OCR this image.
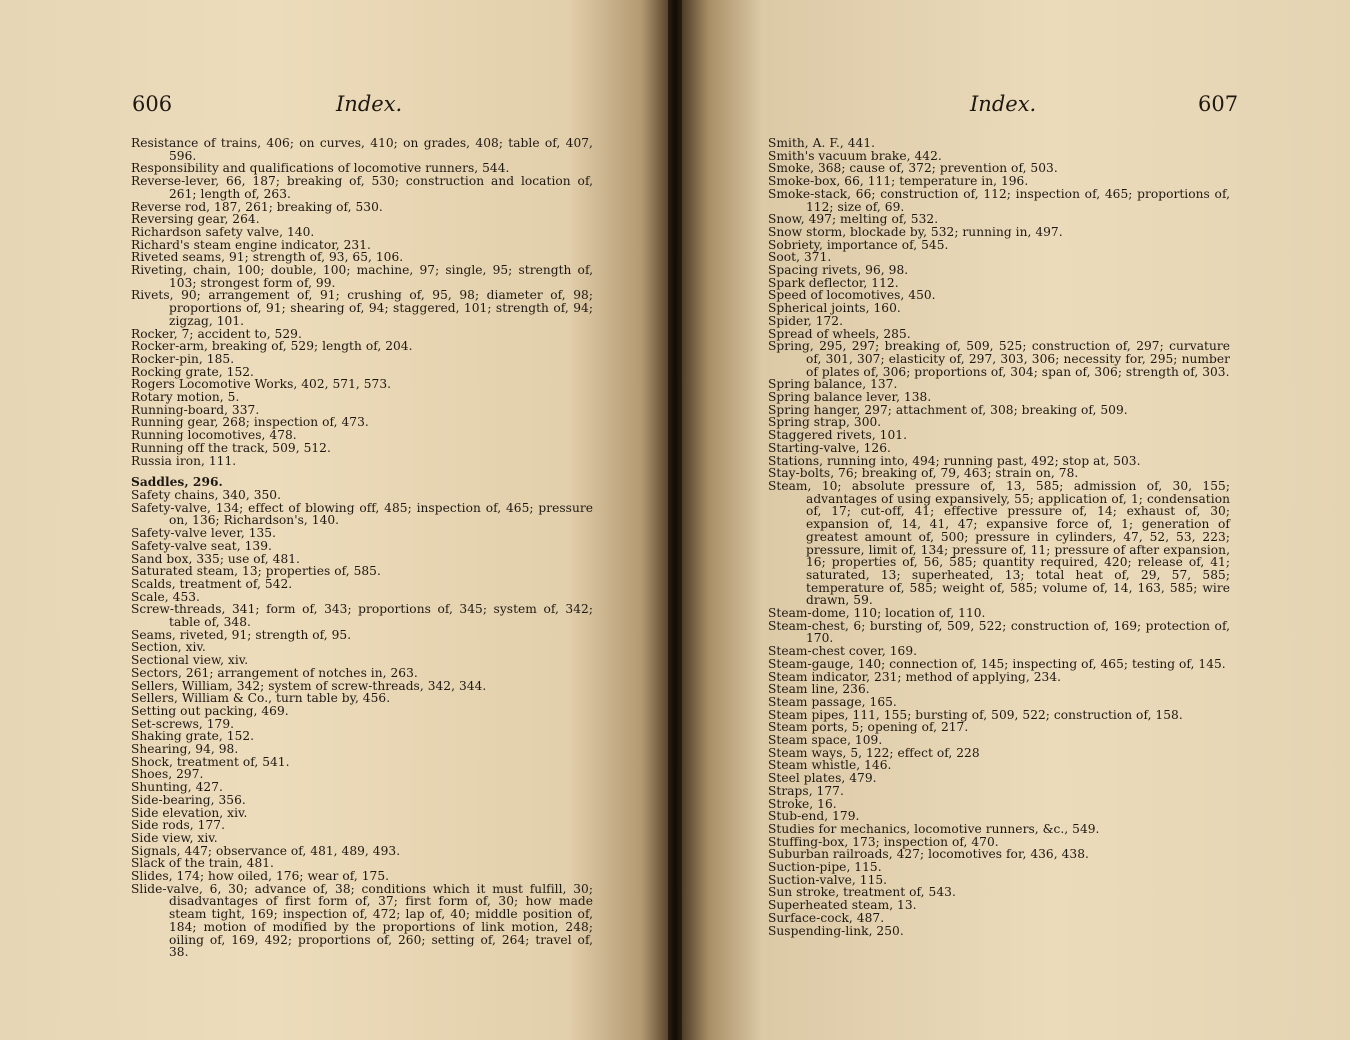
606	Index.

Resistance of trains, 406; on curves, 410; on grades, 408; table of, 407, 596.

Responsibility and qualifications of locomotive runners, 544.

Reverse-lever, 66, 187; breaking of, 530; construction and location of, 261; length of, 263.

Reverse rod, 187, 261; breaking of, 530.

Reversing gear, 264.

Richardson safety valve, 140.

Richard's steam engine indicator, 231.

Riveted seams, 91; strength of, 93, 65, 106.

Riveting, chain, 100; double, 100; machine, 97; single, 95; strength of, 103; strongest form of, 99.

Rivets, 90; arrangement of, 91; crushing of, 95, 98; diameter of, 98; proportions of, 91; shearing of, 94; staggered, 101; strength of, 94; zigzag, 101.

Rocker, 7; accident to, 529.

Rocker-arm, breaking of, 529; length of, 204.

Rocker-pin, 185.

Rocking grate, 152.

Rogers Locomotive Works, 402, 571, 573.

Rotary motion, 5.

Running-board, 337.

Running gear, 268; inspection of, 473.

Running locomotives, 478.

Running off the track, 509, 512.

Russia iron, 111.

Saddles, 296.

Safety chains, 340, 350.

Safety-valve, 134; effect of blowing off, 485; inspection of, 465; pressure on, 136; Richardson's, 140.

Safety-valve lever, 135.

Safety-valve seat, 139.

Sand box, 335; use of, 481.

Saturated steam, 13; properties of, 585.

Scalds, treatment of, 542.

Scale, 453.

Screw-threads, 341; form of, 343; proportions of, 345; system of, 342; table of, 348.

Seams, riveted, 91; strength of, 95.

Section, xiv.

Sectional view, xiv.

Sectors, 261; arrangement of notches in, 263.

Sellers, William, 342; system of screw-threads, 342, 344.

Sellers, William & Co., turn table by, 456.

Setting out packing, 469.

Set-screws, 179.

Shaking grate, 152.

Shearing, 94, 98.

Shock, treatment of, 541.

Shoes, 297.

Shunting, 427.

Side-bearing, 356.

Side elevation, xiv.

Side rods, 177.

Side view, xiv.

Signals, 447; observance of, 481, 489, 493.

Slack of the train, 481.

Slides, 174; how oiled, 176; wear of, 175.

Slide-valve, 6, 30; advance of, 38; conditions which it must fulfill, 30; disadvantages of first form of, 37; first form of, 30; how made steam tight, 169; inspection of, 472; lap of, 40; middle position of, 184; motion of modified by the proportions of link motion, 248; oiling of, 169, 492; proportions of, 260; setting of, 264; travel of, 38.

Index.	607

Smith, A. F., 441.

Smith's vacuum brake, 442.

Smoke, 368; cause of, 372; prevention of, 503.

Smoke-box, 66, 111; temperature in, 196.

Smoke-stack, 66; construction of, 112; inspection of, 465; proportions of, 112; size of, 69.

Snow, 497; melting of, 532.

Snow storm, blockade by, 532; running in, 497.

Sobriety, importance of, 545.

Soot, 371.

Spacing rivets, 96, 98.

Spark deflector, 112.

Speed of locomotives, 450.

Spherical joints, 160.

Spider, 172.

Spread of wheels, 285.

Spring, 295, 297; breaking of, 509, 525; construction of, 297; curvature of, 301, 307; elasticity of, 297, 303, 306; necessity for, 295; number of plates of, 306; proportions of, 304; span of, 306; strength of, 303.

Spring balance, 137.

Spring balance lever, 138.

Spring hanger, 297; attachment of, 308; breaking of, 509.

Spring strap, 300.

Staggered rivets, 101.

Starting-valve, 126.

Stations, running into, 494; running past, 492; stop at, 503.

Stay-bolts, 76; breaking of, 79, 463; strain on, 78.

Steam, 10; absolute pressure of, 13, 585; admission of, 30, 155; advantages of using expansively, 55; application of, 1; condensation of, 17; cut-off, 41; effective pressure of, 14; exhaust of, 30; expansion of, 14, 41, 47; expansive force of, 1; generation of greatest amount of, 500; pressure in cylinders, 47, 52, 53, 223; pressure, limit of, 134; pressure of, 11; pressure of after expansion, 16; properties of, 56, 585; quantity required, 420; release of, 41; saturated, 13; superheated, 13; total heat of, 29, 57, 585; temperature of, 585; weight of, 585; volume of, 14, 163, 585; wire drawn, 59.

Steam-dome, 110; location of, 110.

Steam-chest, 6; bursting of, 509, 522; construction of, 169; protection of, 170.

Steam-chest cover, 169.

Steam-gauge, 140; connection of, 145; inspecting of, 465; testing of, 145.

Steam indicator, 231; method of applying, 234.

Steam line, 236.

Steam passage, 165.

Steam pipes, 111, 155; bursting of, 509, 522; construction of, 158.

Steam ports, 5; opening of, 217.

Steam space, 109.

Steam ways, 5, 122; effect of, 228

Steam whistle, 146.

Steel plates, 479.

Straps, 177.

Stroke, 16.

Stub-end, 179.

Studies for mechanics, locomotive runners, &c., 549.

Stuffing-box, 173; inspection of, 470.

Suburban railroads, 427; locomotives for, 436, 438.

Suction-pipe, 115.

Suction-valve, 115.

Sun stroke, treatment of, 543.

Superheated steam, 13.

Surface-cock, 487.

Suspending-link, 250.
